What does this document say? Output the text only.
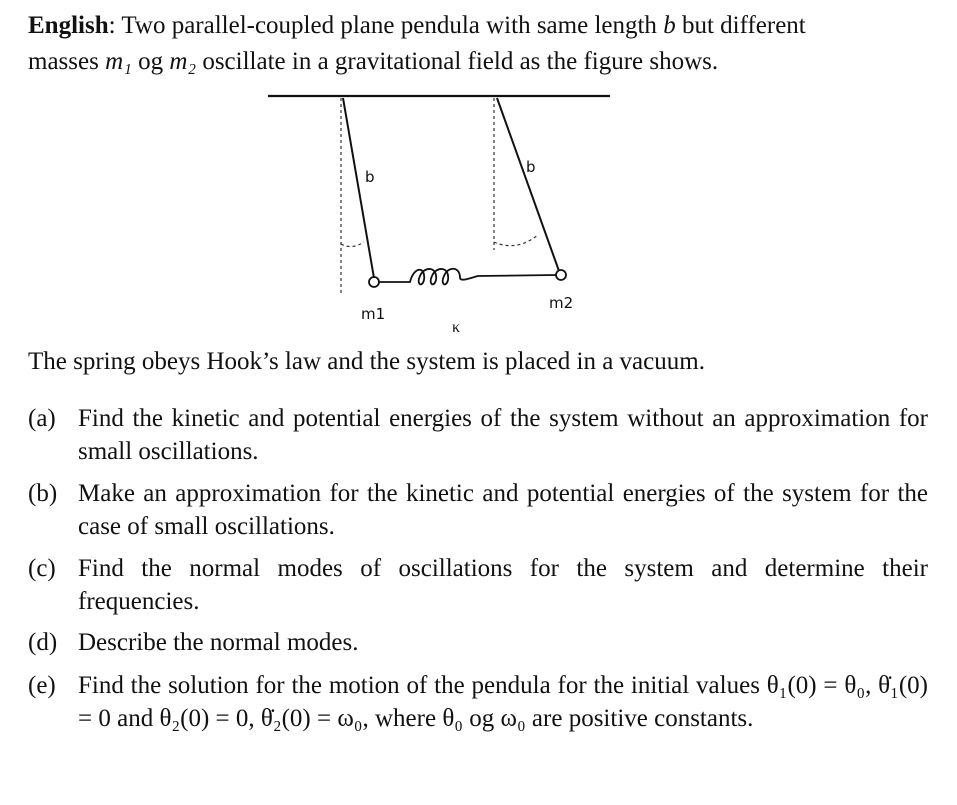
English: Two parallel-coupled plane pendula with same length b but different
masses m₁ og m₂ oscillate in a gravitational field as the figure shows.

b
b
m1
m2
κ

The spring obeys Hook’s law and the system is placed in a vacuum.

(a) Find the kinetic and potential energies of the system without an approximation for small oscillations.
(b) Make an approximation for the kinetic and potential energies of the system for the case of small oscillations.
(c) Find the normal modes of oscillations for the system and determine their frequencies.
(d) Describe the normal modes.
(e) Find the solution for the motion of the pendula for the initial values θ₁(0) = θ₀, θ̇₁(0) = 0 and θ₂(0) = 0, θ̇₂(0) = ω₀, where θ₀ og ω₀ are positive constants.
